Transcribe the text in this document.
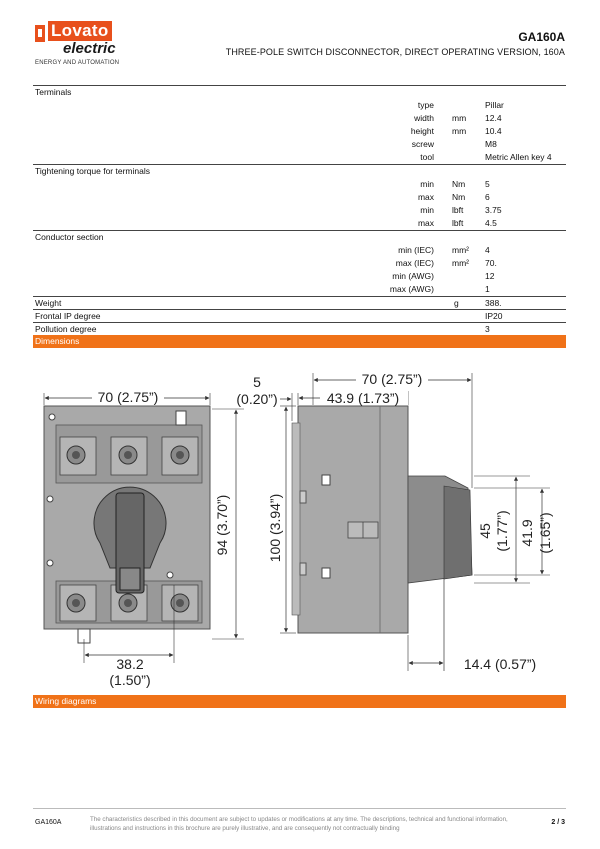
Lovato
electric
ENERGY AND AUTOMATION
GA160A
THREE-POLE SWITCH DISCONNECTOR, DIRECT OPERATING VERSION, 160A
Terminals
type	Pillar
width mm 12.4
height mm 10.4
screw	M8
tool	Metric Allen key 4
Tightening torque for terminals
min Nm 5
max Nm 6
min lbft	3.75
max lbft	4.5
Conductor section
min (IEC) mm² 4
max (IEC) mm² 70.
min (AWG)	12
max (AWG)	1
Weight	g	388.
Frontal IP degree	IP20
Pollution degree	3
Dimensions
70 (2.75”)
94 (3.70”)
38.2
(1.50”)
5
(0.20”)
70 (2.75”)
43.9 (1.73”)
100 (3.94”)	45 (1.77”) 41.9 (1.65”)
14.4 (0.57”)
Wiring diagrams
GA160A	The characteristics described in this document are subject to updates or modifications at any time. The descriptions, technical and functional information, illustrations and instructions in this brochure are purely illustrative, and are consequently not contractually binding
2 / 3
